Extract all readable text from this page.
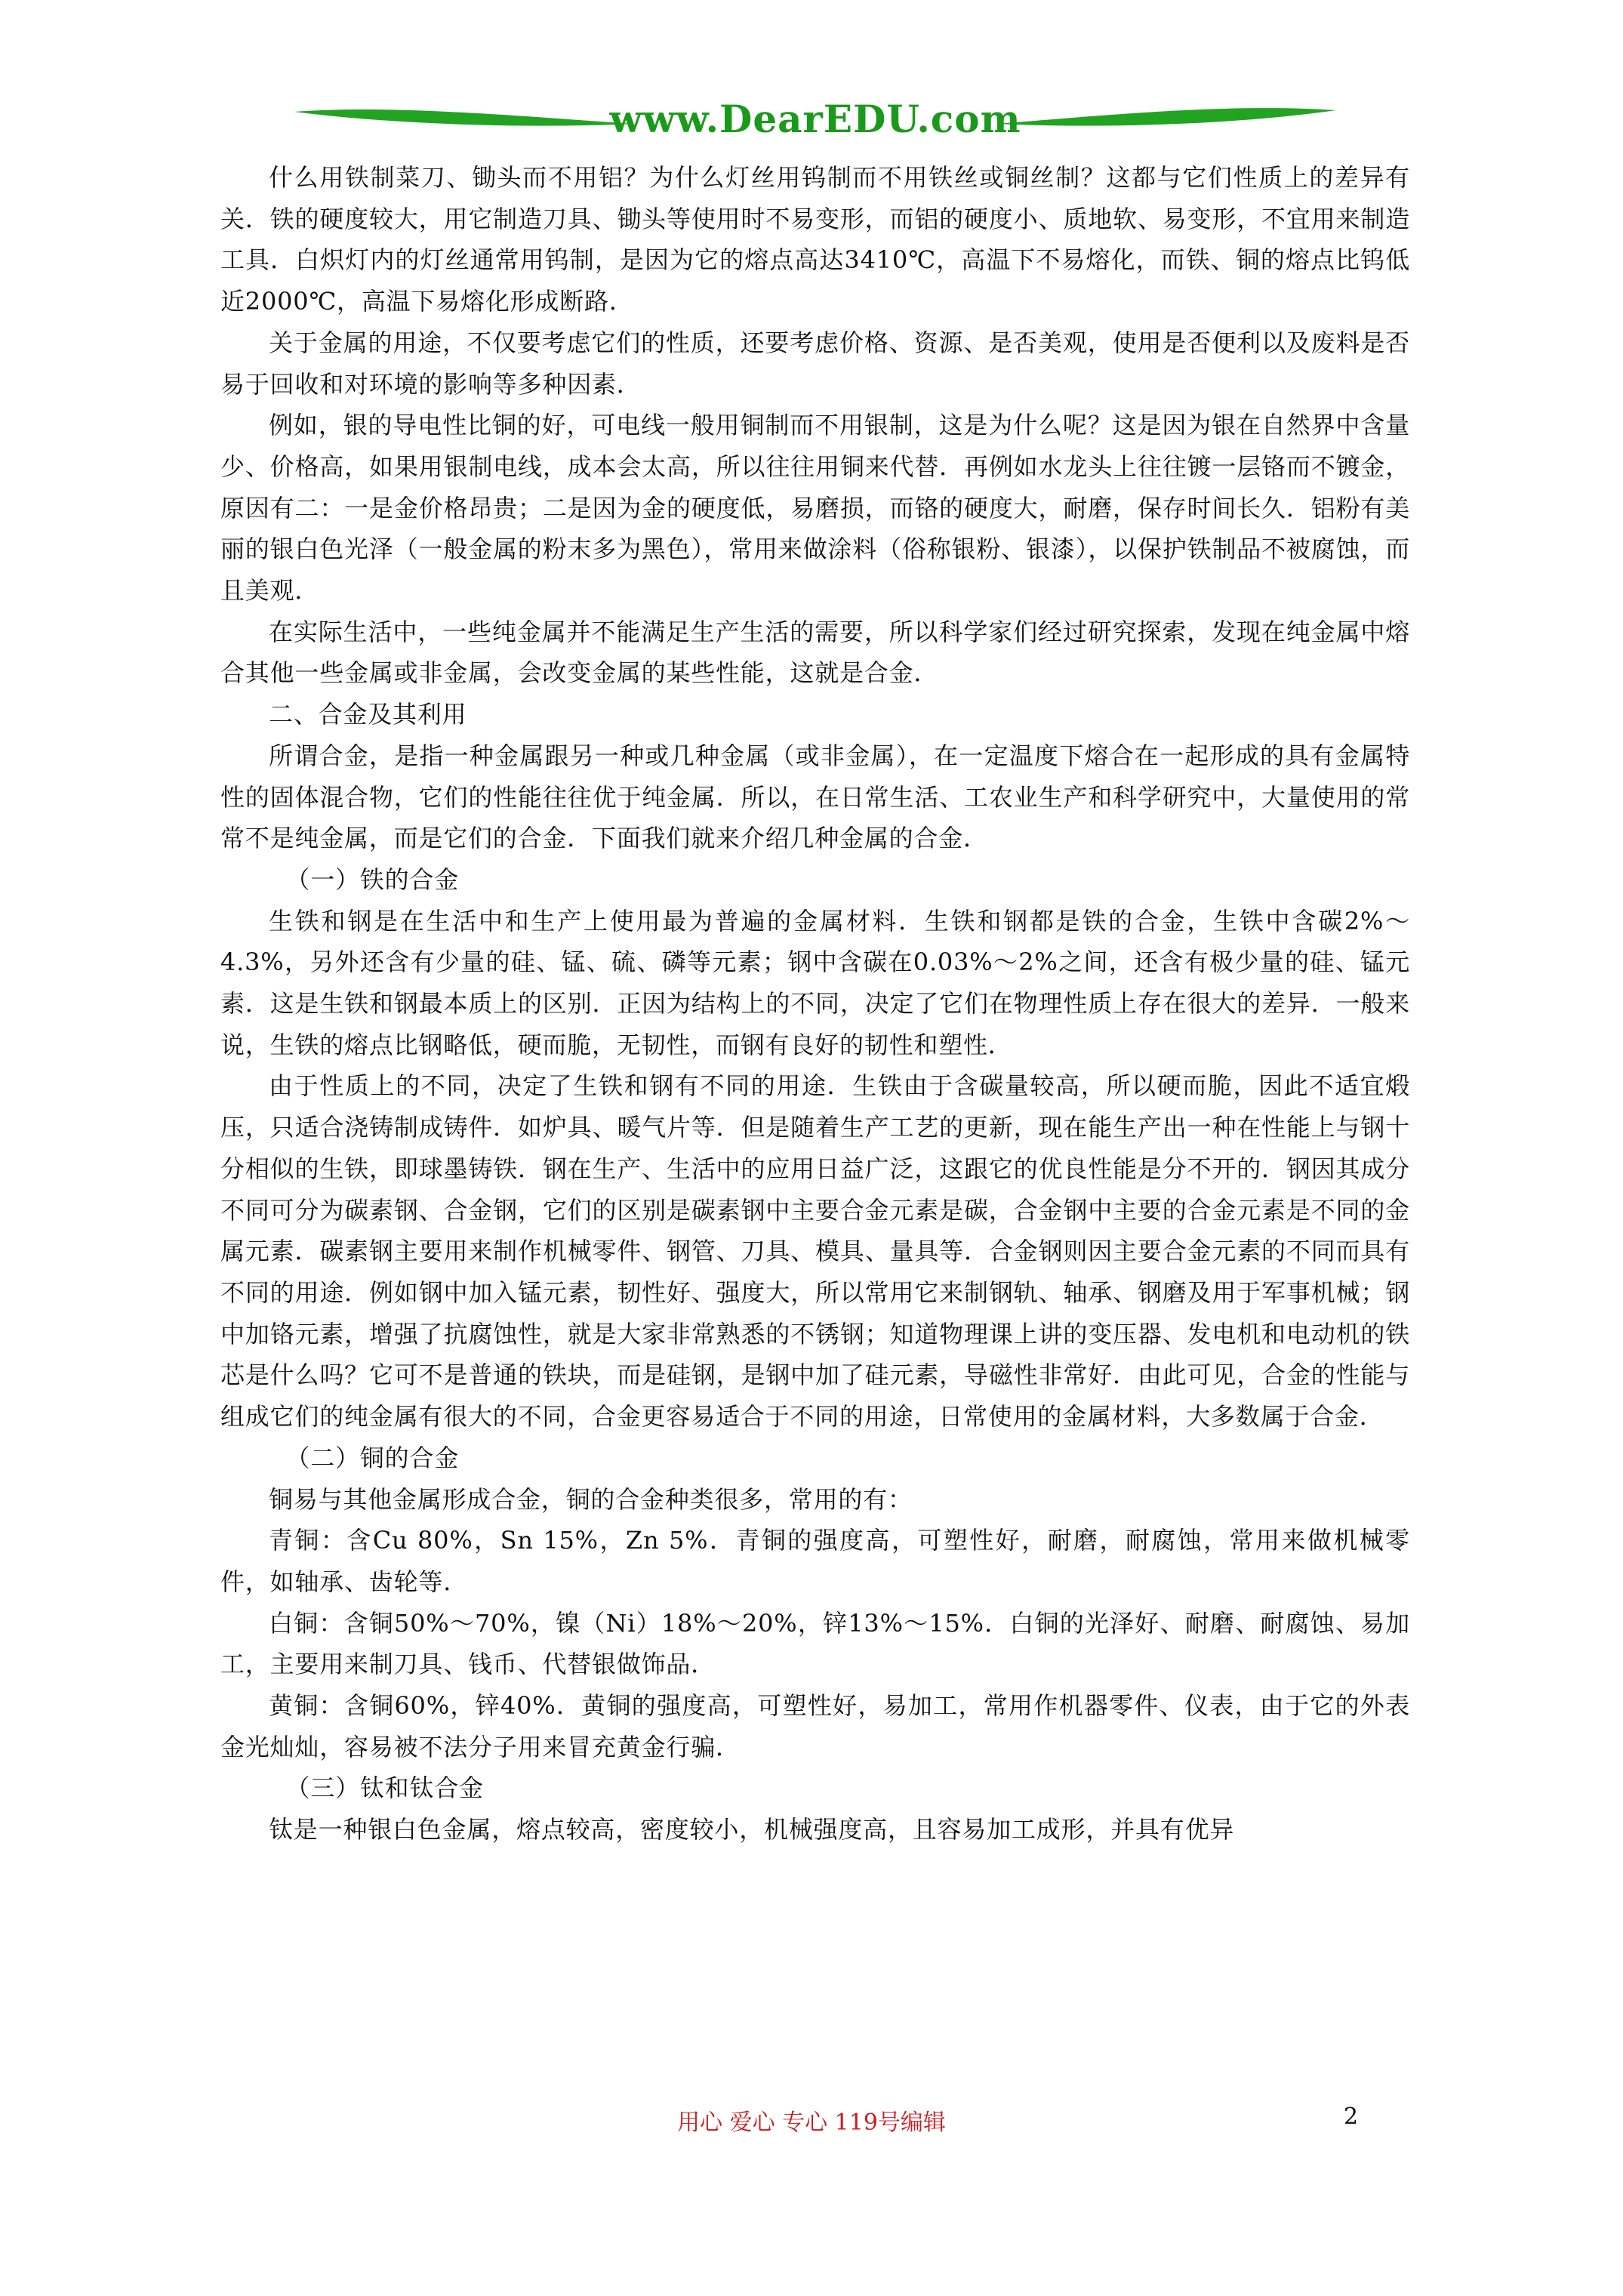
www.DearEDU.com

什么用铁制菜刀、锄头而不用铝？为什么灯丝用钨制而不用铁丝或铜丝制？这都与它们性质上的差异有关．铁的硬度较大，用它制造刀具、锄头等使用时不易变形，而铝的硬度小、质地软、易变形，不宜用来制造工具．白炽灯内的灯丝通常用钨制，是因为它的熔点高达3410℃，高温下不易熔化，而铁、铜的熔点比钨低近2000℃，高温下易熔化形成断路．

关于金属的用途，不仅要考虑它们的性质，还要考虑价格、资源、是否美观，使用是否便利以及废料是否易于回收和对环境的影响等多种因素．

例如，银的导电性比铜的好，可电线一般用铜制而不用银制，这是为什么呢？这是因为银在自然界中含量少、价格高，如果用银制电线，成本会太高，所以往往用铜来代替．再例如水龙头上往往镀一层铬而不镀金，原因有二：一是金价格昂贵；二是因为金的硬度低，易磨损，而铬的硬度大，耐磨，保存时间长久．铝粉有美丽的银白色光泽（一般金属的粉末多为黑色），常用来做涂料（俗称银粉、银漆），以保护铁制品不被腐蚀，而且美观．

在实际生活中，一些纯金属并不能满足生产生活的需要，所以科学家们经过研究探索，发现在纯金属中熔合其他一些金属或非金属，会改变金属的某些性能，这就是合金．

二、合金及其利用

所谓合金，是指一种金属跟另一种或几种金属（或非金属），在一定温度下熔合在一起形成的具有金属特性的固体混合物，它们的性能往往优于纯金属．所以，在日常生活、工农业生产和科学研究中，大量使用的常常不是纯金属，而是它们的合金．下面我们就来介绍几种金属的合金．

（一）铁的合金

生铁和钢是在生活中和生产上使用最为普遍的金属材料．生铁和钢都是铁的合金，生铁中含碳2%～4.3%，另外还含有少量的硅、锰、硫、磷等元素；钢中含碳在0.03%～2%之间，还含有极少量的硅、锰元素．这是生铁和钢最本质上的区别．正因为结构上的不同，决定了它们在物理性质上存在很大的差异．一般来说，生铁的熔点比钢略低，硬而脆，无韧性，而钢有良好的韧性和塑性．

由于性质上的不同，决定了生铁和钢有不同的用途．生铁由于含碳量较高，所以硬而脆，因此不适宜煅压，只适合浇铸制成铸件．如炉具、暖气片等．但是随着生产工艺的更新，现在能生产出一种在性能上与钢十分相似的生铁，即球墨铸铁．钢在生产、生活中的应用日益广泛，这跟它的优良性能是分不开的．钢因其成分不同可分为碳素钢、合金钢，它们的区别是碳素钢中主要合金元素是碳，合金钢中主要的合金元素是不同的金属元素．碳素钢主要用来制作机械零件、钢管、刀具、模具、量具等．合金钢则因主要合金元素的不同而具有不同的用途．例如钢中加入锰元素，韧性好、强度大，所以常用它来制钢轨、轴承、钢磨及用于军事机械；钢中加铬元素，增强了抗腐蚀性，就是大家非常熟悉的不锈钢；知道物理课上讲的变压器、发电机和电动机的铁芯是什么吗？它可不是普通的铁块，而是硅钢，是钢中加了硅元素，导磁性非常好．由此可见，合金的性能与组成它们的纯金属有很大的不同，合金更容易适合于不同的用途，日常使用的金属材料，大多数属于合金．

（二）铜的合金

铜易与其他金属形成合金，铜的合金种类很多，常用的有：

青铜：含Cu 80%，Sn 15%，Zn 5%．青铜的强度高，可塑性好，耐磨，耐腐蚀，常用来做机械零件，如轴承、齿轮等．

白铜：含铜50%～70%，镍（Ni）18%～20%，锌13%～15%．白铜的光泽好、耐磨、耐腐蚀、易加工，主要用来制刀具、钱币、代替银做饰品．

黄铜：含铜60%，锌40%．黄铜的强度高，可塑性好，易加工，常用作机器零件、仪表，由于它的外表金光灿灿，容易被不法分子用来冒充黄金行骗．

（三）钛和钛合金

钛是一种银白色金属，熔点较高，密度较小，机械强度高，且容易加工成形，并具有优异

用心 爱心 专心 119号编辑	2
